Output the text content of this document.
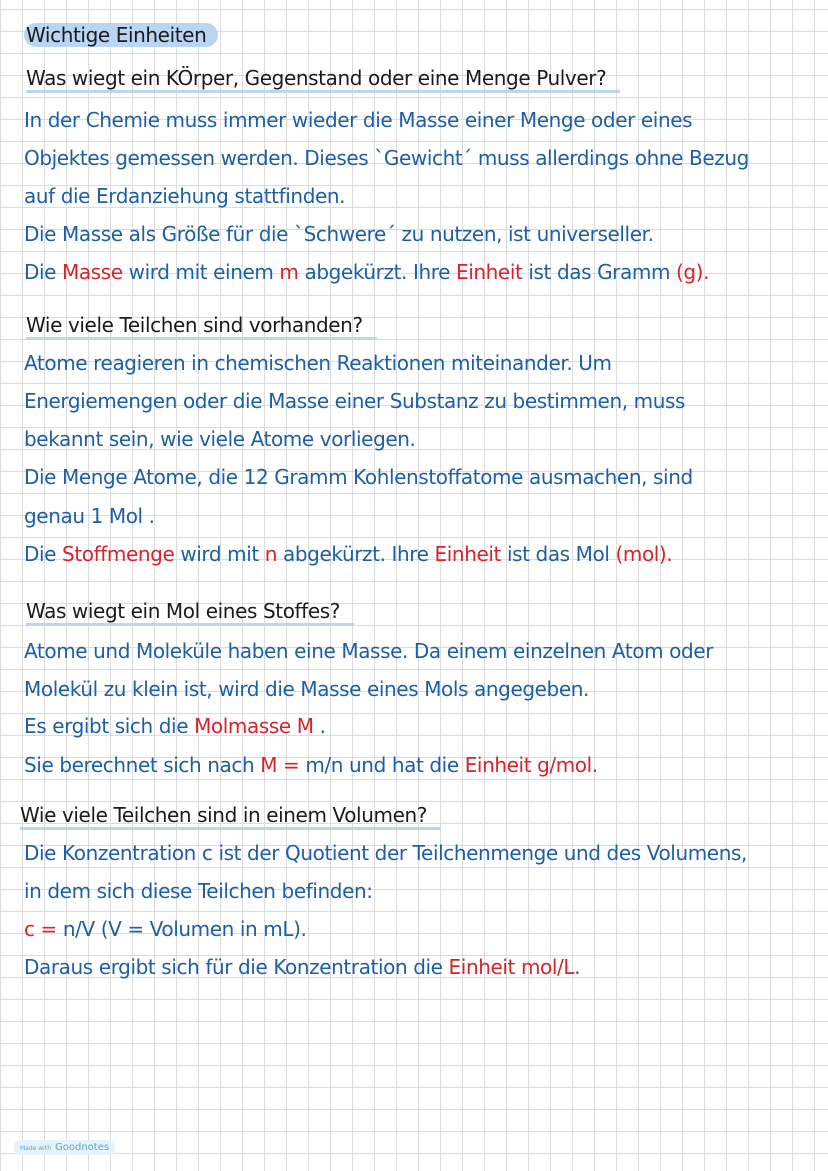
Wichtige Einheiten
Was wiegt ein KÖrper, Gegenstand oder eine Menge Pulver?
In der Chemie muss immer wieder die Masse einer Menge oder eines
Objektes gemessen werden. Dieses `Gewicht´ muss allerdings ohne Bezug
auf die Erdanziehung stattfinden.
Die Masse als Größe für die `Schwere´ zu nutzen, ist universeller.
Die Masse wird mit einem m abgekürzt. Ihre Einheit ist das Gramm (g).
Wie viele Teilchen sind vorhanden?
Atome reagieren in chemischen Reaktionen miteinander. Um
Energiemengen oder die Masse einer Substanz zu bestimmen, muss
bekannt sein, wie viele Atome vorliegen.
Die Menge Atome, die 12 Gramm Kohlenstoffatome ausmachen, sind
genau 1 Mol .
Die Stoffmenge wird mit n abgekürzt. Ihre Einheit ist das Mol (mol).
Was wiegt ein Mol eines Stoffes?
Atome und Moleküle haben eine Masse. Da einem einzelnen Atom oder
Molekül zu klein ist, wird die Masse eines Mols angegeben.
Es ergibt sich die Molmasse M .
Sie berechnet sich nach M = m/n und hat die Einheit g/mol.
Wie viele Teilchen sind in einem Volumen?
Die Konzentration c ist der Quotient der Teilchenmenge und des Volumens,
in dem sich diese Teilchen befinden:
c = n/V (V = Volumen in mL).
Daraus ergibt sich für die Konzentration die Einheit mol/L.
Made with Goodnotes
